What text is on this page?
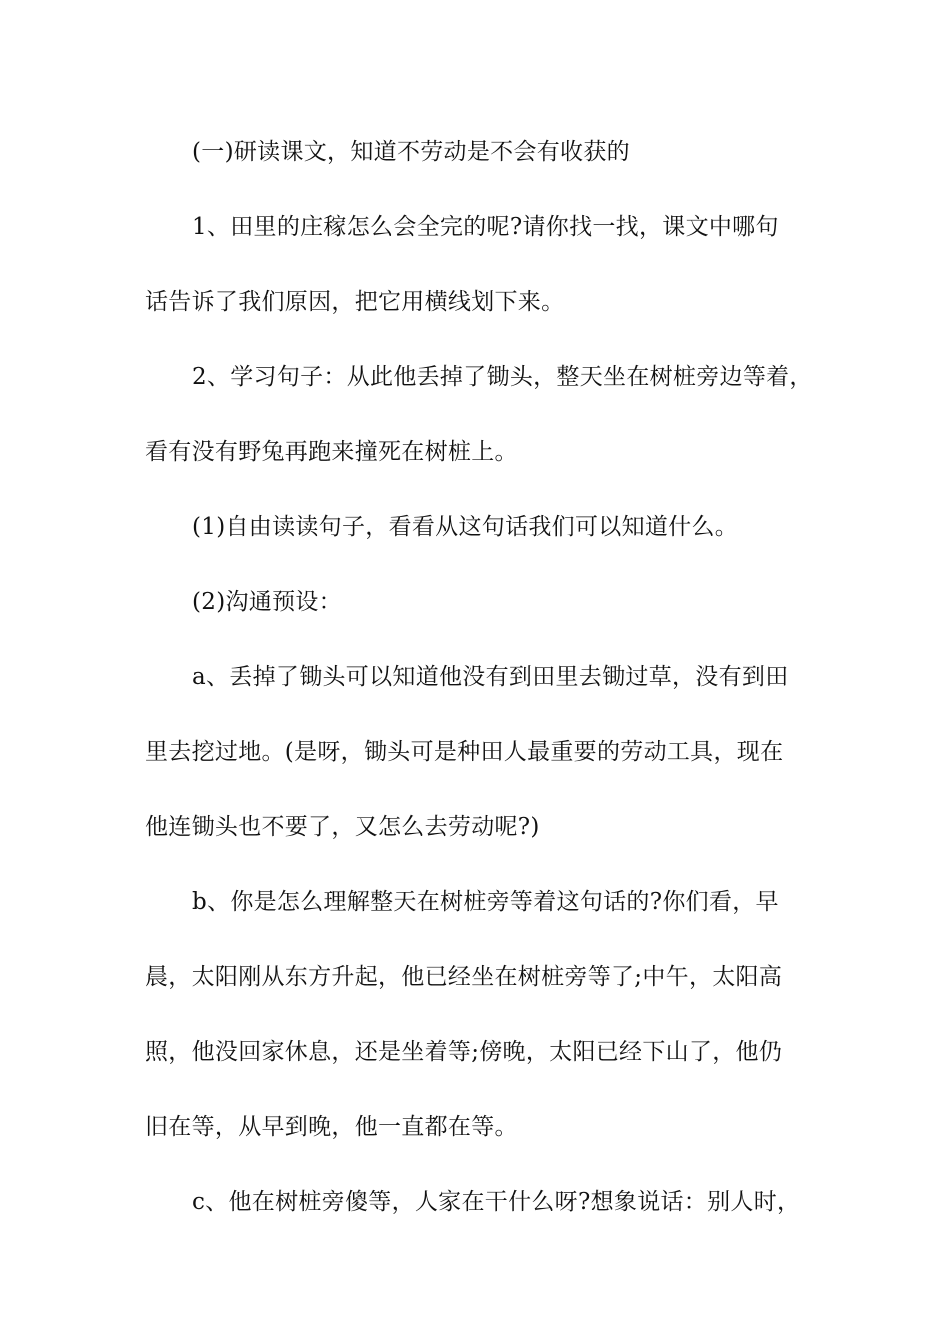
(一)研读课文，知道不劳动是不会有收获的

1、田里的庄稼怎么会全完的呢?请你找一找，课文中哪句

话告诉了我们原因，把它用横线划下来。

2、学习句子：从此他丢掉了锄头，整天坐在树桩旁边等着，

看有没有野兔再跑来撞死在树桩上。

(1)自由读读句子，看看从这句话我们可以知道什么。

(2)沟通预设：

a、丢掉了锄头可以知道他没有到田里去锄过草，没有到田

里去挖过地。(是呀，锄头可是种田人最重要的劳动工具，现在

他连锄头也不要了，又怎么去劳动呢?)

b、你是怎么理解整天在树桩旁等着这句话的?你们看，早

晨，太阳刚从东方升起，他已经坐在树桩旁等了;中午，太阳高

照，他没回家休息，还是坐着等;傍晚，太阳已经下山了，他仍

旧在等，从早到晚，他一直都在等。

c、他在树桩旁傻等，人家在干什么呀?想象说话：别人时，
